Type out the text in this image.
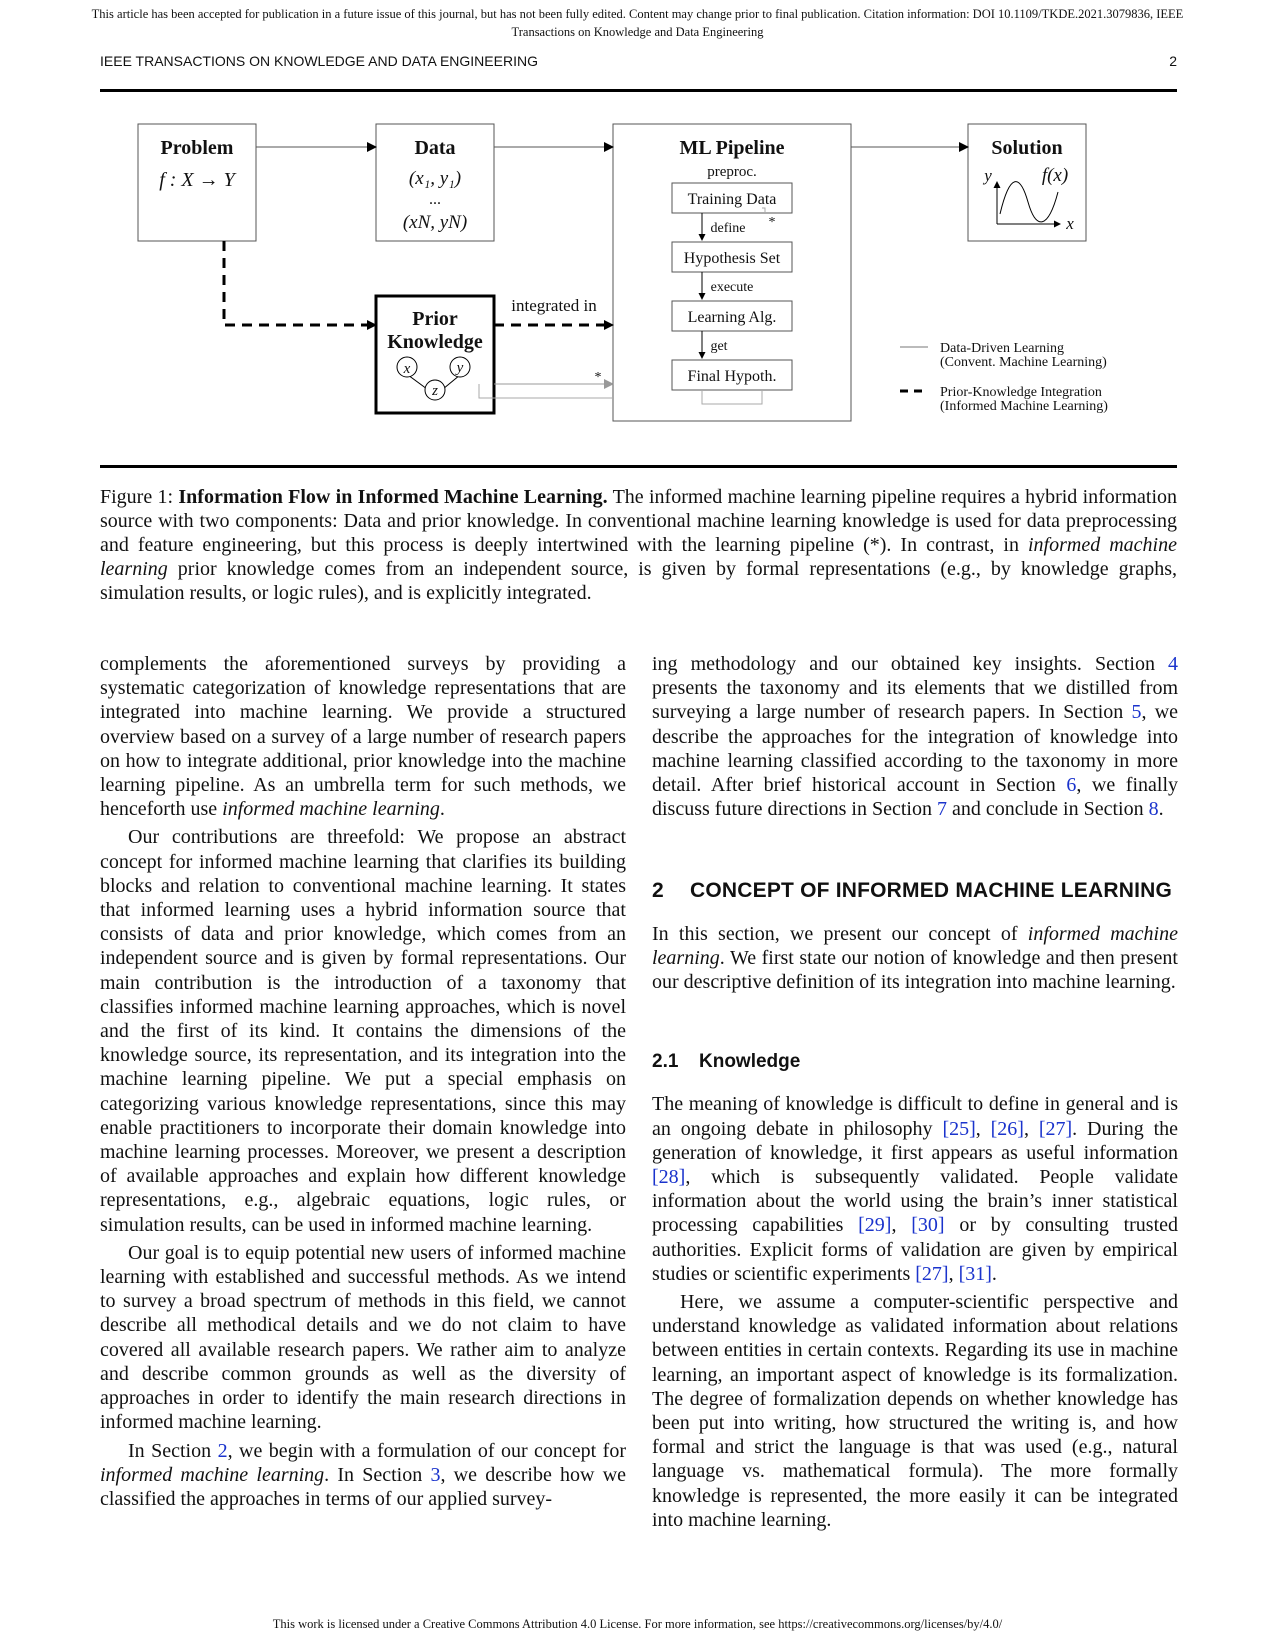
This article has been accepted for publication in a future issue of this journal, but has not been fully edited. Content may change prior to final publication. Citation information: DOI 10.1109/TKDE.2021.3079836, IEEE
Transactions on Knowledge and Data Engineering
IEEE TRANSACTIONS ON KNOWLEDGE AND DATA ENGINEERING	2
Problem
f : X → Y
Data
(x₁, y₁)
...
(xN, yN)
ML Pipeline
preproc.
Training Data
define *
Hypothesis Set
execute
Learning Alg.
get
Final Hypoth.
Solution
y	f(x)
x
Prior
Knowledge
x	y
z
integrated in
*
Data-Driven Learning
(Convent. Machine Learning)
Prior-Knowledge Integration
(Informed Machine Learning)
Figure 1: Information Flow in Informed Machine Learning. The informed machine learning pipeline requires a hybrid information source with two components: Data and prior knowledge. In conventional machine learning knowledge is used for data preprocessing and feature engineering, but this process is deeply intertwined with the learning pipeline (*). In contrast, in informed machine learning prior knowledge comes from an independent source, is given by formal representations (e.g., by knowledge graphs, simulation results, or logic rules), and is explicitly integrated.

complements the aforementioned surveys by providing a systematic categorization of knowledge representations that are integrated into machine learning. We provide a structured overview based on a survey of a large number of research papers on how to integrate additional, prior knowledge into the machine learning pipeline. As an umbrella term for such methods, we henceforth use informed machine learning.

Our contributions are threefold: We propose an abstract concept for informed machine learning that clarifies its building blocks and relation to conventional machine learning. It states that informed learning uses a hybrid information source that consists of data and prior knowledge, which comes from an independent source and is given by formal representations. Our main contribution is the introduction of a taxonomy that classifies informed machine learning approaches, which is novel and the first of its kind. It contains the dimensions of the knowledge source, its representation, and its integration into the machine learning pipeline. We put a special emphasis on categorizing various knowledge representations, since this may enable practitioners to incorporate their domain knowledge into machine learning processes. Moreover, we present a description of available approaches and explain how different knowledge representations, e.g., algebraic equations, logic rules, or simulation results, can be used in informed machine learning.

Our goal is to equip potential new users of informed machine learning with established and successful methods. As we intend to survey a broad spectrum of methods in this field, we cannot describe all methodical details and we do not claim to have covered all available research papers. We rather aim to analyze and describe common grounds as well as the diversity of approaches in order to identify the main research directions in informed machine learning.

In Section 2, we begin with a formulation of our concept for informed machine learning. In Section 3, we describe how we classified the approaches in terms of our applied survey-

ing methodology and our obtained key insights. Section 4 presents the taxonomy and its elements that we distilled from surveying a large number of research papers. In Section 5, we describe the approaches for the integration of knowledge into machine learning classified according to the taxonomy in more detail. After brief historical account in Section 6, we finally discuss future directions in Section 7 and conclude in Section 8.

2 CONCEPT OF INFORMED MACHINE LEARNING

In this section, we present our concept of informed machine learning. We first state our notion of knowledge and then present our descriptive definition of its integration into machine learning.

2.1 Knowledge

The meaning of knowledge is difficult to define in general and is an ongoing debate in philosophy [25], [26], [27]. During the generation of knowledge, it first appears as useful information [28], which is subsequently validated. People validate information about the world using the brain’s inner statistical processing capabilities [29], [30] or by consulting trusted authorities. Explicit forms of validation are given by empirical studies or scientific experiments [27], [31].

Here, we assume a computer-scientific perspective and understand knowledge as validated information about relations between entities in certain contexts. Regarding its use in machine learning, an important aspect of knowledge is its formalization. The degree of formalization depends on whether knowledge has been put into writing, how structured the writing is, and how formal and strict the language is that was used (e.g., natural language vs. mathematical formula). The more formally knowledge is represented, the more easily it can be integrated into machine learning.

This work is licensed under a Creative Commons Attribution 4.0 License. For more information, see https://creativecommons.org/licenses/by/4.0/
